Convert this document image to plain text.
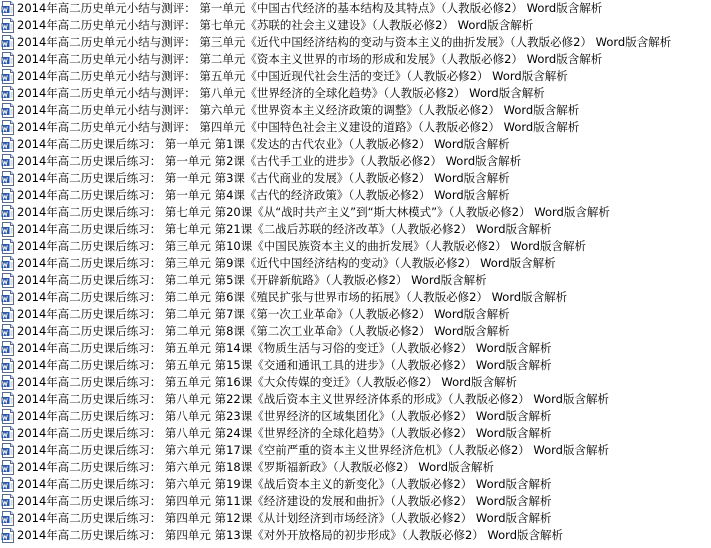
2014年高二历史单元小结与测评： 第一单元《中国古代经济的基本结构及其特点》（人教版必修2） Word版含解析
2014年高二历史单元小结与测评： 第七单元《苏联的社会主义建设》（人教版必修2） Word版含解析
2014年高二历史单元小结与测评： 第三单元《近代中国经济结构的变动与资本主义的曲折发展》（人教版必修2） Word版含解析
2014年高二历史单元小结与测评： 第二单元《资本主义世界的市场的形成和发展》（人教版必修2） Word版含解析
2014年高二历史单元小结与测评： 第五单元《中国近现代社会生活的变迁》（人教版必修2） Word版含解析
2014年高二历史单元小结与测评： 第八单元《世界经济的全球化趋势》（人教版必修2） Word版含解析
2014年高二历史单元小结与测评： 第六单元《世界资本主义经济政策的调整》（人教版必修2） Word版含解析
2014年高二历史单元小结与测评： 第四单元《中国特色社会主义建设的道路》（人教版必修2） Word版含解析
2014年高二历史课后练习： 第一单元 第1课《发达的古代农业》（人教版必修2） Word版含解析
2014年高二历史课后练习： 第一单元 第2课《古代手工业的进步》（人教版必修2） Word版含解析
2014年高二历史课后练习： 第一单元 第3课《古代商业的发展》（人教版必修2） Word版含解析
2014年高二历史课后练习： 第一单元 第4课《古代的经济政策》（人教版必修2） Word版含解析
2014年高二历史课后练习： 第七单元 第20课《从“战时共产主义”到“斯大林模式”》（人教版必修2） Word版含解析
2014年高二历史课后练习： 第七单元 第21课《二战后苏联的经济改革》（人教版必修2） Word版含解析
2014年高二历史课后练习： 第三单元 第10课《中国民族资本主义的曲折发展》（人教版必修2） Word版含解析
2014年高二历史课后练习： 第三单元 第9课《近代中国经济结构的变动》（人教版必修2） Word版含解析
2014年高二历史课后练习： 第二单元 第5课《开辟新航路》（人教版必修2） Word版含解析
2014年高二历史课后练习： 第二单元 第6课《殖民扩张与世界市场的拓展》（人教版必修2） Word版含解析
2014年高二历史课后练习： 第二单元 第7课《第一次工业革命》（人教版必修2） Word版含解析
2014年高二历史课后练习： 第二单元 第8课《第二次工业革命》（人教版必修2） Word版含解析
2014年高二历史课后练习： 第五单元 第14课《物质生活与习俗的变迁》（人教版必修2） Word版含解析
2014年高二历史课后练习： 第五单元 第15课《交通和通讯工具的进步》（人教版必修2） Word版含解析
2014年高二历史课后练习： 第五单元 第16课《大众传媒的变迁》（人教版必修2） Word版含解析
2014年高二历史课后练习： 第八单元 第22课《战后资本主义世界经济体系的形成》（人教版必修2） Word版含解析
2014年高二历史课后练习： 第八单元 第23课《世界经济的区域集团化》（人教版必修2） Word版含解析
2014年高二历史课后练习： 第八单元 第24课《世界经济的全球化趋势》（人教版必修2） Word版含解析
2014年高二历史课后练习： 第六单元 第17课《空前严重的资本主义世界经济危机》（人教版必修2） Word版含解析
2014年高二历史课后练习： 第六单元 第18课《罗斯福新政》（人教版必修2） Word版含解析
2014年高二历史课后练习： 第六单元 第19课《战后资本主义的新变化》（人教版必修2） Word版含解析
2014年高二历史课后练习： 第四单元 第11课《经济建设的发展和曲折》（人教版必修2） Word版含解析
2014年高二历史课后练习： 第四单元 第12课《从计划经济到市场经济》（人教版必修2） Word版含解析
2014年高二历史课后练习： 第四单元 第13课《对外开放格局的初步形成》（人教版必修2） Word版含解析
